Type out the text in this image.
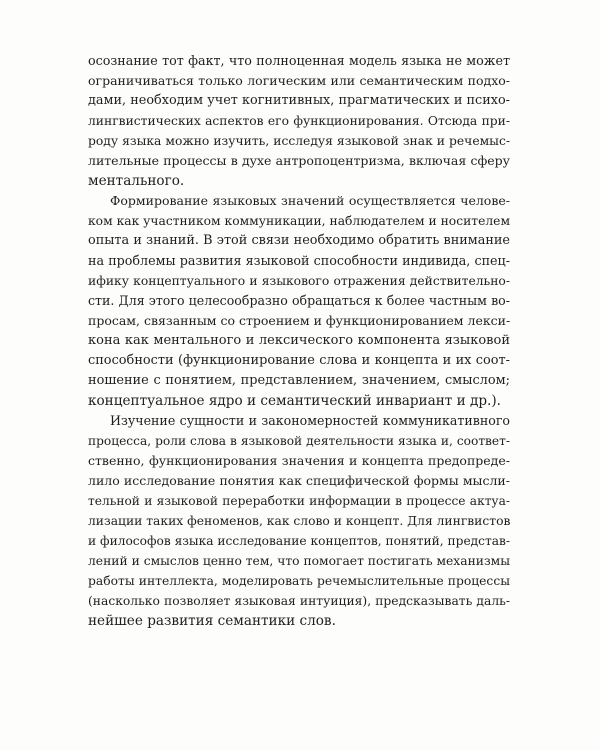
осознание тот факт, что полноценная модель языка не может
ограничиваться только логическим или семантическим подхо-
дами, необходим учет когнитивных, прагматических и психо-
лингвистических аспектов его функционирования. Отсюда при-
роду языка можно изучить, исследуя языковой знак и речемыс-
лительные процессы в духе антропоцентризма, включая сферу
ментального.
Формирование языковых значений осуществляется челове-
ком как участником коммуникации, наблюдателем и носителем
опыта и знаний. В этой связи необходимо обратить внимание
на проблемы развития языковой способности индивида, спец-
ифику концептуального и языкового отражения действительно-
сти. Для этого целесообразно обращаться к более частным во-
просам, связанным со строением и функционированием лекси-
кона как ментального и лексического компонента языковой
способности (функционирование слова и концепта и их соот-
ношение с понятием, представлением, значением, смыслом;
концептуальное ядро и семантический инвариант и др.).
Изучение сущности и закономерностей коммуникативного
процесса, роли слова в языковой деятельности языка и, соответ-
ственно, функционирования значения и концепта предопреде-
лило исследование понятия как специфической формы мысли-
тельной и языковой переработки информации в процессе актуа-
лизации таких феноменов, как слово и концепт. Для лингвистов
и философов языка исследование концептов, понятий, представ-
лений и смыслов ценно тем, что помогает постигать механизмы
работы интеллекта, моделировать речемыслительные процессы
(насколько позволяет языковая интуиция), предсказывать даль-
нейшее развития семантики слов.
